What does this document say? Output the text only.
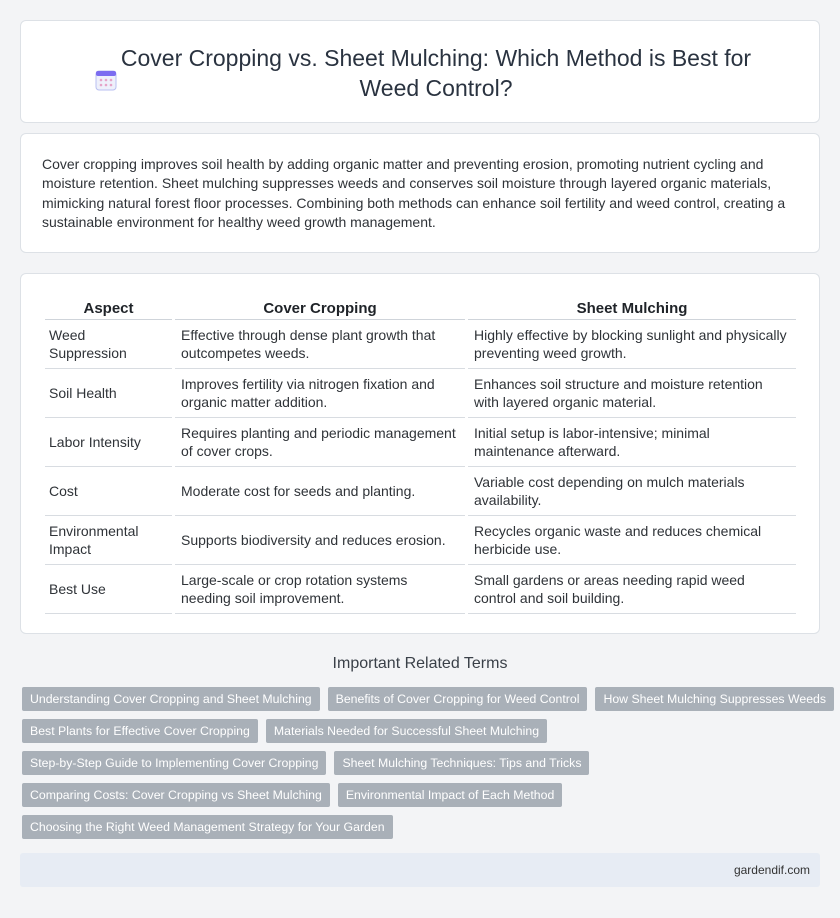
Cover Cropping vs. Sheet Mulching: Which Method is Best for Weed Control?

Cover cropping improves soil health by adding organic matter and preventing erosion, promoting nutrient cycling and moisture retention. Sheet mulching suppresses weeds and conserves soil moisture through layered organic materials, mimicking natural forest floor processes. Combining both methods can enhance soil fertility and weed control, creating a sustainable environment for healthy weed growth management.

Aspect	Cover Cropping	Sheet Mulching
Weed Suppression	Effective through dense plant growth that outcompetes weeds.	Highly effective by blocking sunlight and physically preventing weed growth.
Soil Health	Improves fertility via nitrogen fixation and organic matter addition.	Enhances soil structure and moisture retention with layered organic material.
Labor Intensity	Requires planting and periodic management of cover crops.	Initial setup is labor-intensive; minimal maintenance afterward.
Cost	Moderate cost for seeds and planting.	Variable cost depending on mulch materials availability.
Environmental Impact	Supports biodiversity and reduces erosion.	Recycles organic waste and reduces chemical herbicide use.
Best Use	Large-scale or crop rotation systems needing soil improvement.	Small gardens or areas needing rapid weed control and soil building.
Important Related Terms
Understanding Cover Cropping and Sheet Mulching	Benefits of Cover Cropping for Weed Control	How Sheet Mulching Suppresses Weeds
Best Plants for Effective Cover Cropping	Materials Needed for Successful Sheet Mulching
Step-by-Step Guide to Implementing Cover Cropping	Sheet Mulching Techniques: Tips and Tricks
Comparing Costs: Cover Cropping vs Sheet Mulching	Environmental Impact of Each Method
Choosing the Right Weed Management Strategy for Your Garden
gardendif.com
